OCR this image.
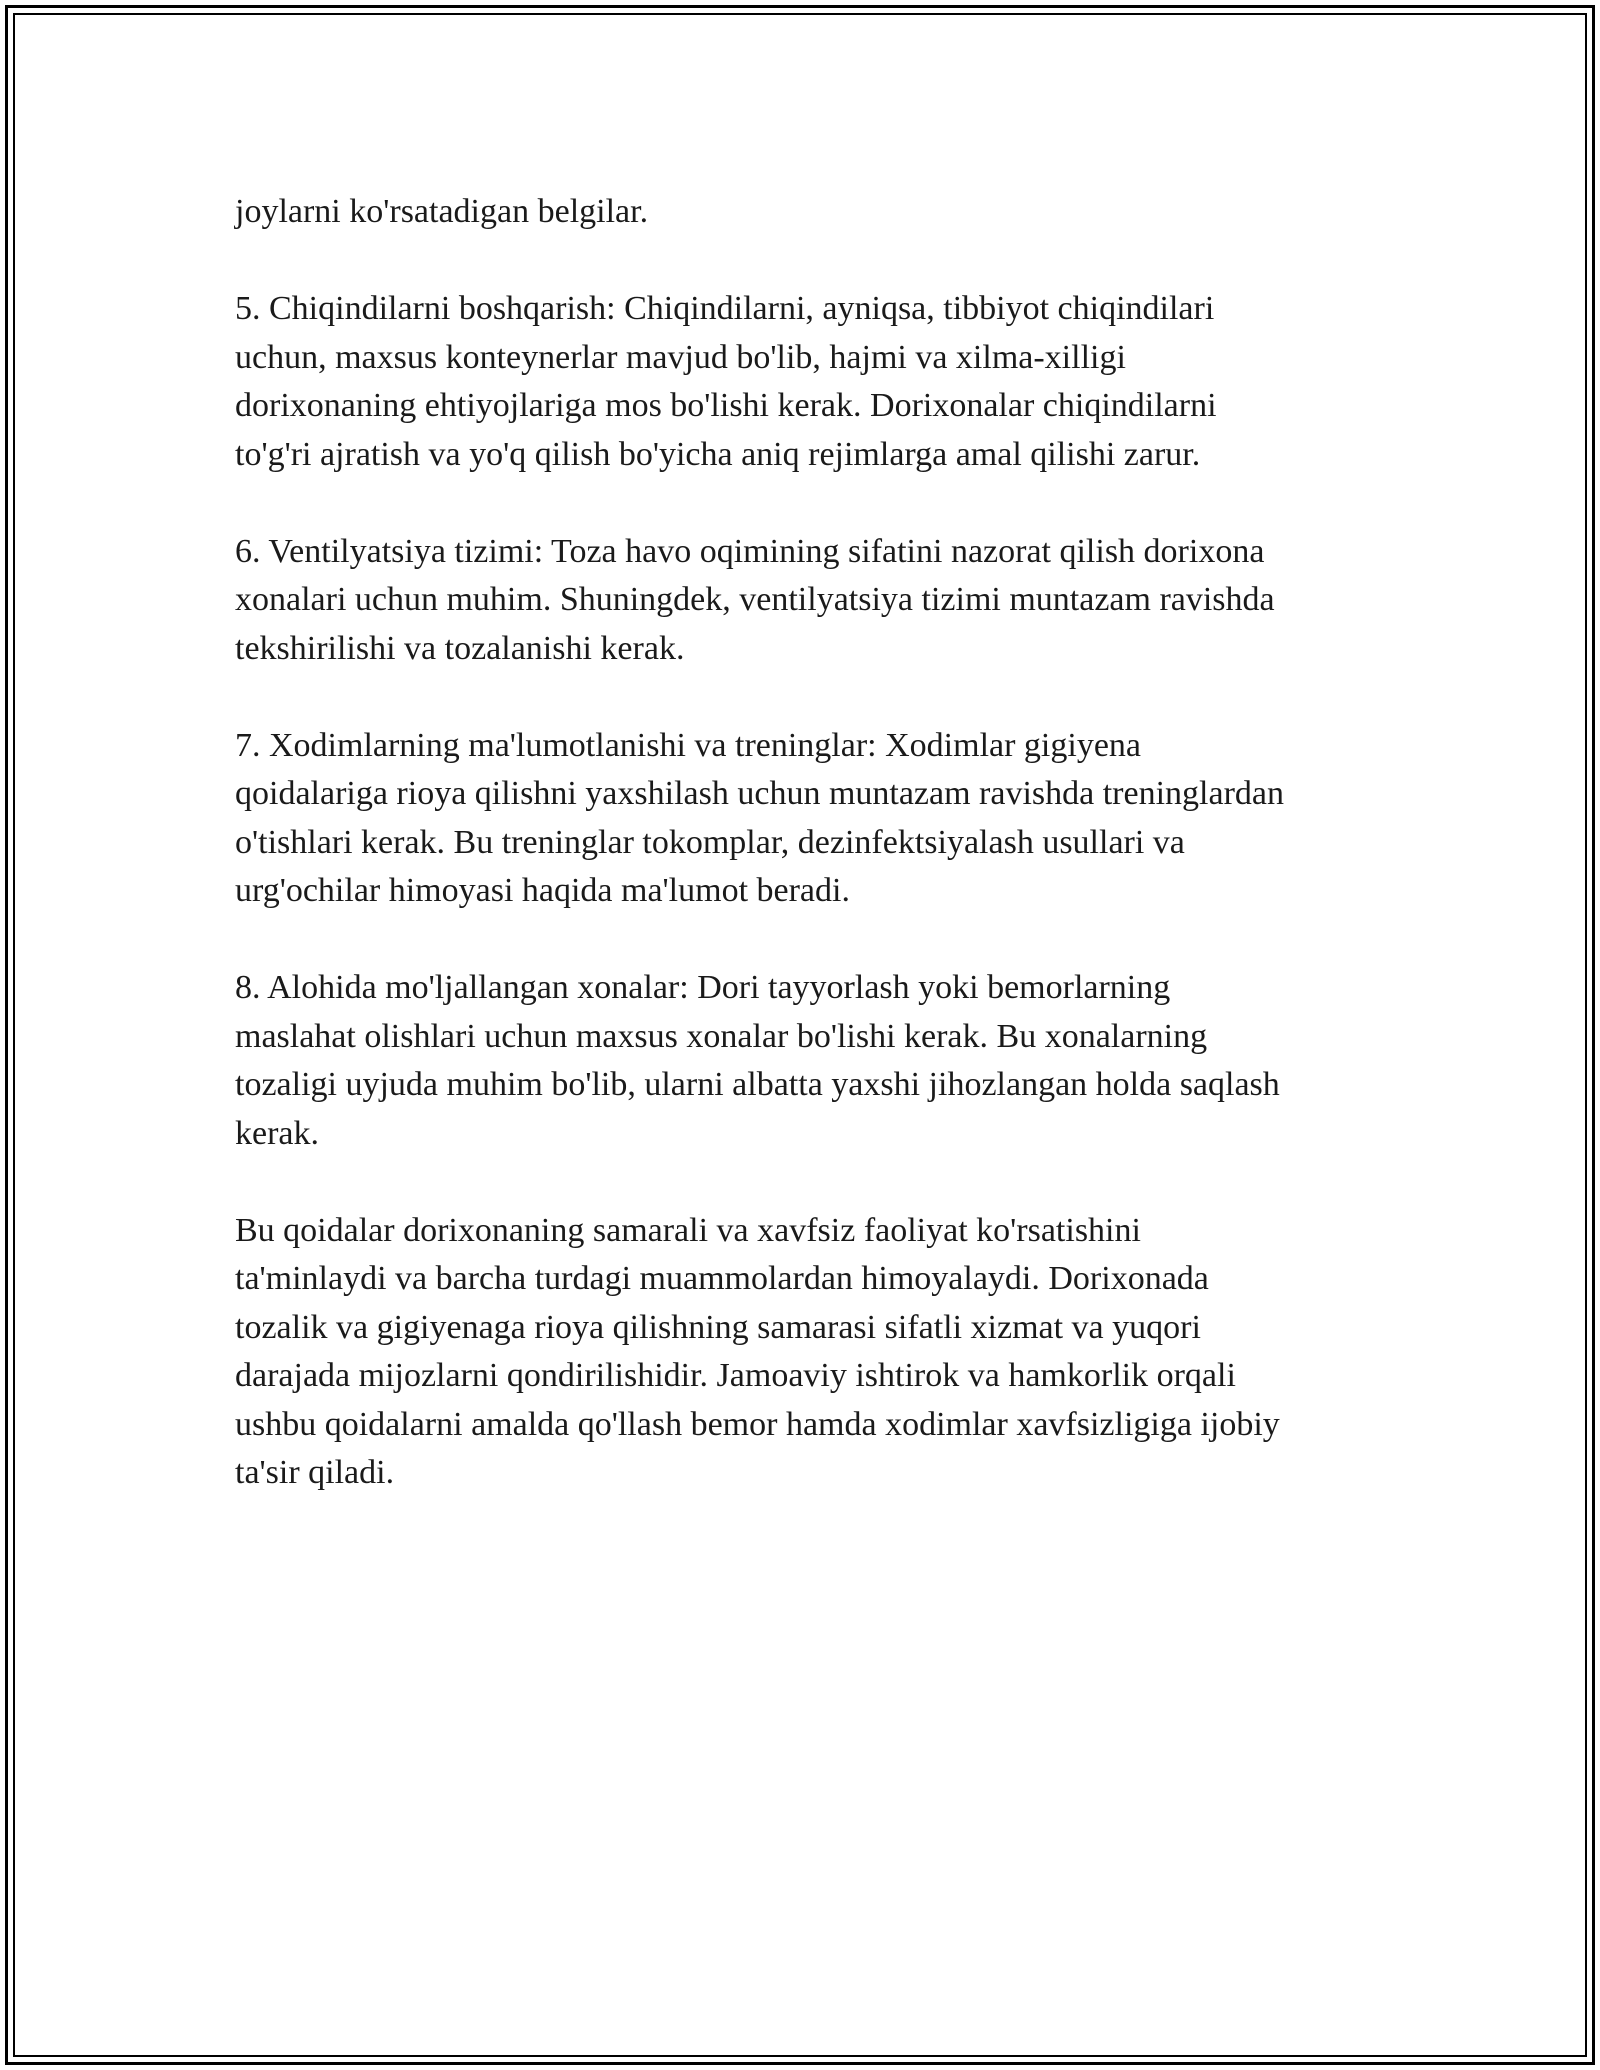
joylarni ko'rsatadigan belgilar.

5. Chiqindilarni boshqarish: Chiqindilarni, ayniqsa, tibbiyot chiqindilari
uchun, maxsus konteynerlar mavjud bo'lib, hajmi va xilma-xilligi
dorixonaning ehtiyojlariga mos bo'lishi kerak. Dorixonalar chiqindilarni
to'g'ri ajratish va yo'q qilish bo'yicha aniq rejimlarga amal qilishi zarur.

6. Ventilyatsiya tizimi: Toza havo oqimining sifatini nazorat qilish dorixona
xonalari uchun muhim. Shuningdek, ventilyatsiya tizimi muntazam ravishda
tekshirilishi va tozalanishi kerak.

7. Xodimlarning ma'lumotlanishi va treninglar: Xodimlar gigiyena
qoidalariga rioya qilishni yaxshilash uchun muntazam ravishda treninglardan
o'tishlari kerak. Bu treninglar tokomplar, dezinfektsiyalash usullari va
urg'ochilar himoyasi haqida ma'lumot beradi.

8. Alohida mo'ljallangan xonalar: Dori tayyorlash yoki bemorlarning
maslahat olishlari uchun maxsus xonalar bo'lishi kerak. Bu xonalarning
tozaligi uyjuda muhim bo'lib, ularni albatta yaxshi jihozlangan holda saqlash
kerak.

Bu qoidalar dorixonaning samarali va xavfsiz faoliyat ko'rsatishini
ta'minlaydi va barcha turdagi muammolardan himoyalaydi. Dorixonada
tozalik va gigiyenaga rioya qilishning samarasi sifatli xizmat va yuqori
darajada mijozlarni qondirilishidir. Jamoaviy ishtirok va hamkorlik orqali
ushbu qoidalarni amalda qo'llash bemor hamda xodimlar xavfsizligiga ijobiy
ta'sir qiladi.
